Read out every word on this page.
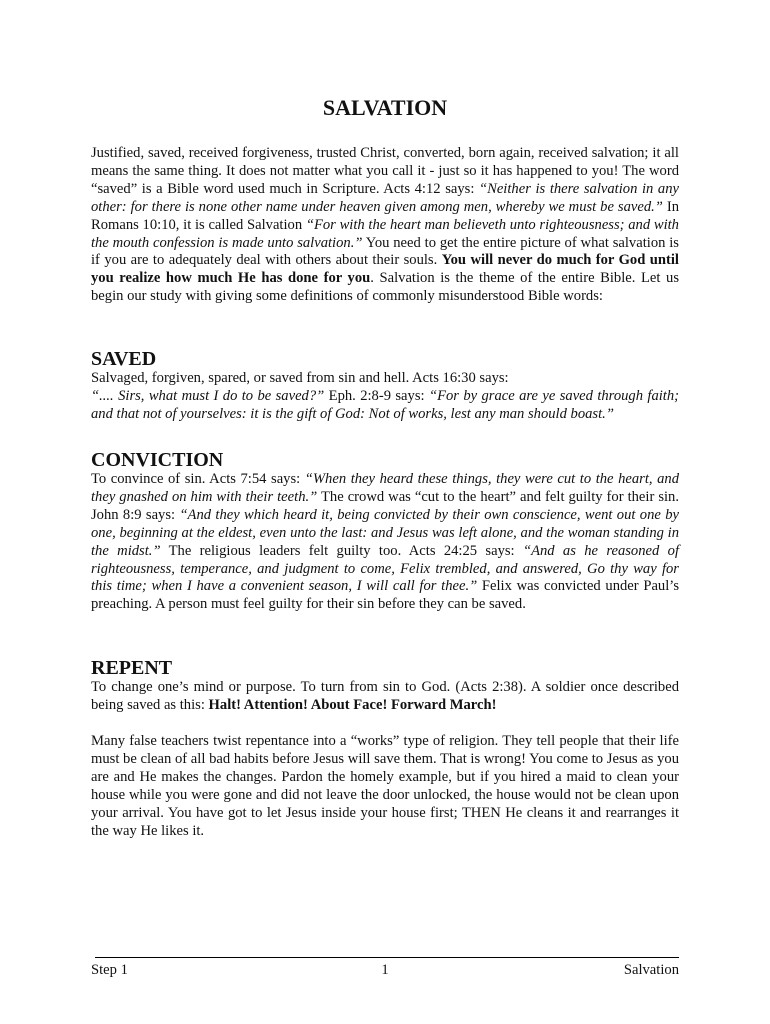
SALVATION

Justified, saved, received forgiveness, trusted Christ, converted, born again, received salvation; it all means the same thing. It does not matter what you call it - just so it has happened to you! The word “saved” is a Bible word used much in Scripture. Acts 4:12 says: “Neither is there salvation in any other: for there is none other name under heaven given among men, whereby we must be saved.” In Romans 10:10, it is called Salvation “For with the heart man believeth unto righteousness; and with the mouth confession is made unto salvation.” You need to get the entire picture of what salvation is if you are to adequately deal with others about their souls. You will never do much for God until you realize how much He has done for you. Salvation is the theme of the entire Bible. Let us begin our study with giving some definitions of commonly misunderstood Bible words:

SAVED

Salvaged, forgiven, spared, or saved from sin and hell. Acts 16:30 says:
“.... Sirs, what must I do to be saved?” Eph. 2:8-9 says: “For by grace are ye saved through faith; and that not of yourselves: it is the gift of God: Not of works, lest any man should boast.”

CONVICTION

To convince of sin. Acts 7:54 says: “When they heard these things, they were cut to the heart, and they gnashed on him with their teeth.” The crowd was “cut to the heart” and felt guilty for their sin. John 8:9 says: “And they which heard it, being convicted by their own conscience, went out one by one, beginning at the eldest, even unto the last: and Jesus was left alone, and the woman standing in the midst.” The religious leaders felt guilty too. Acts 24:25 says: “And as he reasoned of righteousness, temperance, and judgment to come, Felix trembled, and answered, Go thy way for this time; when I have a convenient season, I will call for thee.” Felix was convicted under Paul’s preaching. A person must feel guilty for their sin before they can be saved.

REPENT

To change one’s mind or purpose. To turn from sin to God. (Acts 2:38). A soldier once described being saved as this: Halt! Attention! About Face! Forward March!

Many false teachers twist repentance into a “works” type of religion. They tell people that their life must be clean of all bad habits before Jesus will save them. That is wrong! You come to Jesus as you are and He makes the changes. Pardon the homely example, but if you hired a maid to clean your house while you were gone and did not leave the door unlocked, the house would not be clean upon your arrival. You have got to let Jesus inside your house first; THEN He cleans it and rearranges it the way He likes it.

Step 1	1	Salvation
